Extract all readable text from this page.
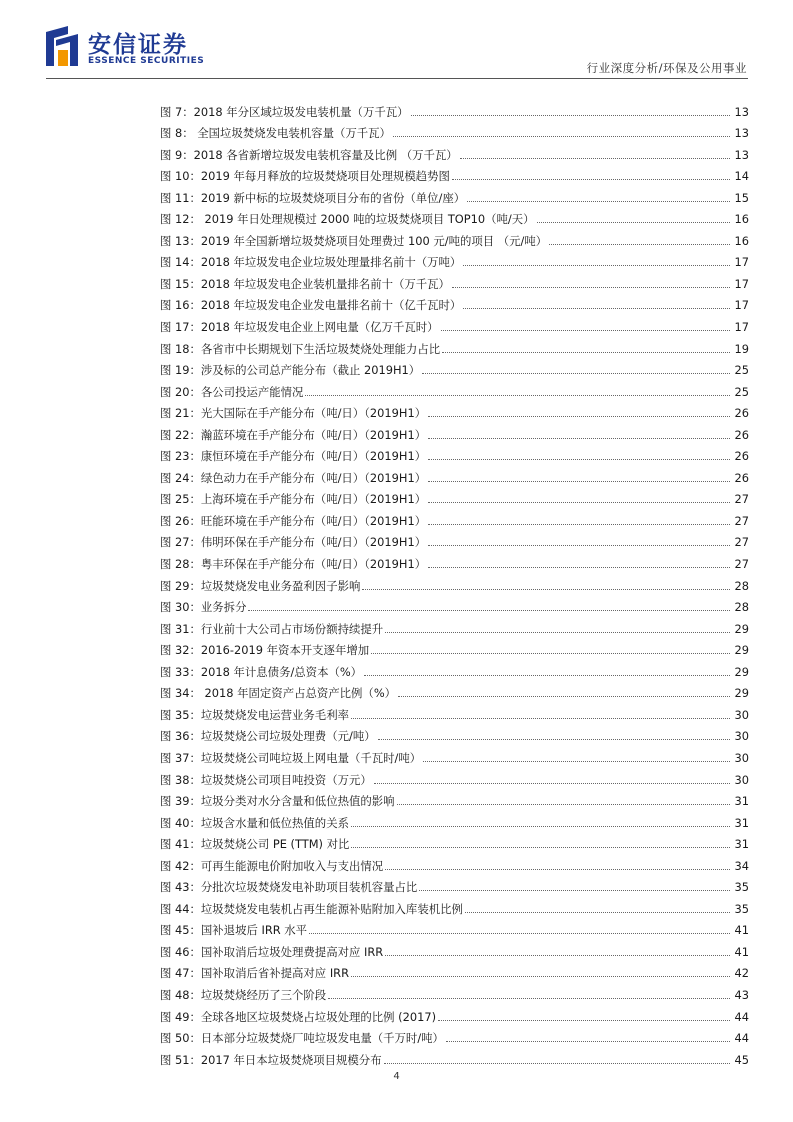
安信证券
ESSENCE SECURITIES	行业深度分析/环保及公用事业
图 7：2018 年分区域垃圾发电装机量（万千瓦）	13
图 8： 全国垃圾焚烧发电装机容量（万千瓦）	13
图 9：2018 各省新增垃圾发电装机容量及比例 （万千瓦）	13
图 10：2019 年每月释放的垃圾焚烧项目处理规模趋势图	14
图 11：2019 新中标的垃圾焚烧项目分布的省份（单位/座）	15
图 12： 2019 年日处理规模过 2000 吨的垃圾焚烧项目 TOP10（吨/天）	16
图 13：2019 年全国新增垃圾焚烧项目处理费过 100 元/吨的项目 （元/吨）	16
图 14：2018 年垃圾发电企业垃圾处理量排名前十（万吨）	17
图 15：2018 年垃圾发电企业装机量排名前十（万千瓦）	17
图 16：2018 年垃圾发电企业发电量排名前十（亿千瓦时）	17
图 17：2018 年垃圾发电企业上网电量（亿万千瓦时）	17
图 18：各省市中长期规划下生活垃圾焚烧处理能力占比	19
图 19：涉及标的公司总产能分布（截止 2019H1）	25
图 20：各公司投运产能情况	25
图 21：光大国际在手产能分布（吨/日）（2019H1）	26
图 22：瀚蓝环境在手产能分布（吨/日）（2019H1）	26
图 23：康恒环境在手产能分布（吨/日）（2019H1）	26
图 24：绿色动力在手产能分布（吨/日）（2019H1）	26
图 25：上海环境在手产能分布（吨/日）（2019H1）	27
图 26：旺能环境在手产能分布（吨/日）（2019H1）	27
图 27：伟明环保在手产能分布（吨/日）（2019H1）	27
图 28：粤丰环保在手产能分布（吨/日）（2019H1）	27
图 29：垃圾焚烧发电业务盈利因子影响	28
图 30：业务拆分	28
图 31：行业前十大公司占市场份额持续提升	29
图 32：2016-2019 年资本开支逐年增加	29
图 33：2018 年计息债务/总资本（%）	29
图 34： 2018 年固定资产占总资产比例（%）	29
图 35：垃圾焚烧发电运营业务毛利率	30
图 36：垃圾焚烧公司垃圾处理费（元/吨）	30
图 37：垃圾焚烧公司吨垃圾上网电量（千瓦时/吨）	30
图 38：垃圾焚烧公司项目吨投资（万元）	30
图 39：垃圾分类对水分含量和低位热值的影响	31
图 40：垃圾含水量和低位热值的关系	31
图 41：垃圾焚烧公司 PE (TTM) 对比	31
图 42：可再生能源电价附加收入与支出情况	34
图 43：分批次垃圾焚烧发电补助项目装机容量占比	35
图 44：垃圾焚烧发电装机占再生能源补贴附加入库装机比例	35
图 45：国补退坡后 IRR 水平	41
图 46：国补取消后垃圾处理费提高对应 IRR	41
图 47：国补取消后省补提高对应 IRR	42
图 48：垃圾焚烧经历了三个阶段	43
图 49：全球各地区垃圾焚烧占垃圾处理的比例 (2017)	44
图 50：日本部分垃圾焚烧厂吨垃圾发电量（千万时/吨）	44
图 51：2017 年日本垃圾焚烧项目规模分布	45
4
